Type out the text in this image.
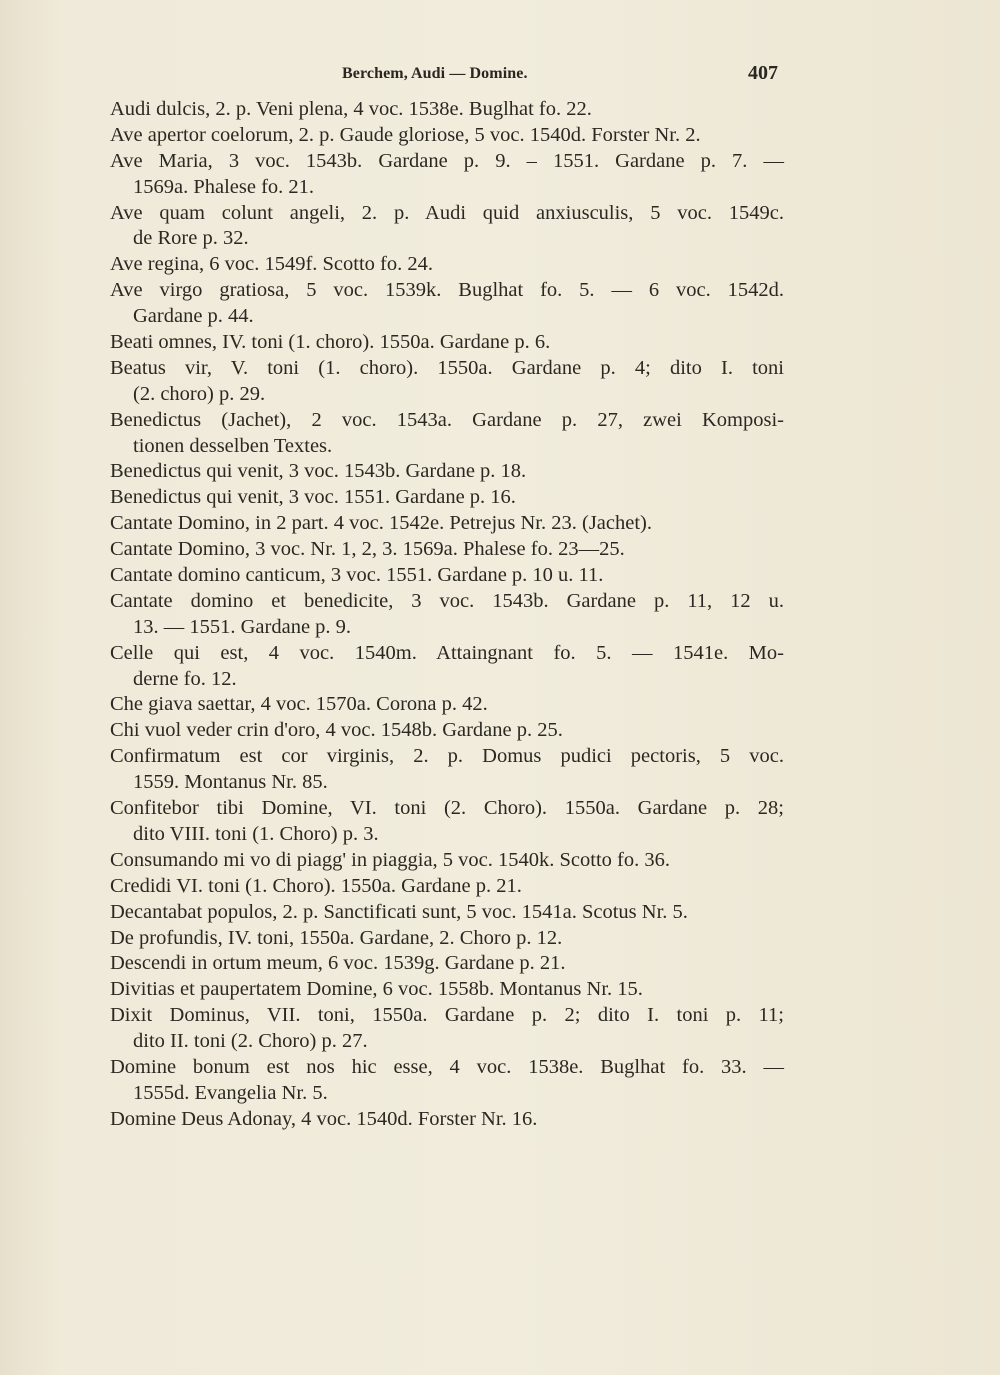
Berchem, Audi — Domine.	407
Audi dulcis, 2. p. Veni plena, 4 voc. 1538e. Buglhat fo. 22.
Ave apertor coelorum, 2. p. Gaude gloriose, 5 voc. 1540d. Forster Nr. 2.
Ave Maria, 3 voc. 1543b. Gardane p. 9. – 1551. Gardane p. 7. —
1569a. Phalese fo. 21.
Ave quam colunt angeli, 2. p. Audi quid anxiusculis, 5 voc. 1549c.
de Rore p. 32.
Ave regina, 6 voc. 1549f. Scotto fo. 24.
Ave virgo gratiosa, 5 voc. 1539k. Buglhat fo. 5. — 6 voc. 1542d.
Gardane p. 44.
Beati omnes, IV. toni (1. choro). 1550a. Gardane p. 6.
Beatus vir, V. toni (1. choro). 1550a. Gardane p. 4; dito I. toni
(2. choro) p. 29.
Benedictus (Jachet), 2 voc. 1543a. Gardane p. 27, zwei Komposi-
tionen desselben Textes.
Benedictus qui venit, 3 voc. 1543b. Gardane p. 18.
Benedictus qui venit, 3 voc. 1551. Gardane p. 16.
Cantate Domino, in 2 part. 4 voc. 1542e. Petrejus Nr. 23. (Jachet).
Cantate Domino, 3 voc. Nr. 1, 2, 3. 1569a. Phalese fo. 23—25.
Cantate domino canticum, 3 voc. 1551. Gardane p. 10 u. 11.
Cantate domino et benedicite, 3 voc. 1543b. Gardane p. 11, 12 u.
13. — 1551. Gardane p. 9.
Celle qui est, 4 voc. 1540m. Attaingnant fo. 5. — 1541e. Mo-
derne fo. 12.
Che giava saettar, 4 voc. 1570a. Corona p. 42.
Chi vuol veder crin d'oro, 4 voc. 1548b. Gardane p. 25.
Confirmatum est cor virginis, 2. p. Domus pudici pectoris, 5 voc.
1559. Montanus Nr. 85.
Confitebor tibi Domine, VI. toni (2. Choro). 1550a. Gardane p. 28;
dito VIII. toni (1. Choro) p. 3.
Consumando mi vo di piagg' in piaggia, 5 voc. 1540k. Scotto fo. 36.
Credidi VI. toni (1. Choro). 1550a. Gardane p. 21.
Decantabat populos, 2. p. Sanctificati sunt, 5 voc. 1541a. Scotus Nr. 5.
De profundis, IV. toni, 1550a. Gardane, 2. Choro p. 12.
Descendi in ortum meum, 6 voc. 1539g. Gardane p. 21.
Divitias et paupertatem Domine, 6 voc. 1558b. Montanus Nr. 15.
Dixit Dominus, VII. toni, 1550a. Gardane p. 2; dito I. toni p. 11;
dito II. toni (2. Choro) p. 27.
Domine bonum est nos hic esse, 4 voc. 1538e. Buglhat fo. 33. —
1555d. Evangelia Nr. 5.
Domine Deus Adonay, 4 voc. 1540d. Forster Nr. 16.
